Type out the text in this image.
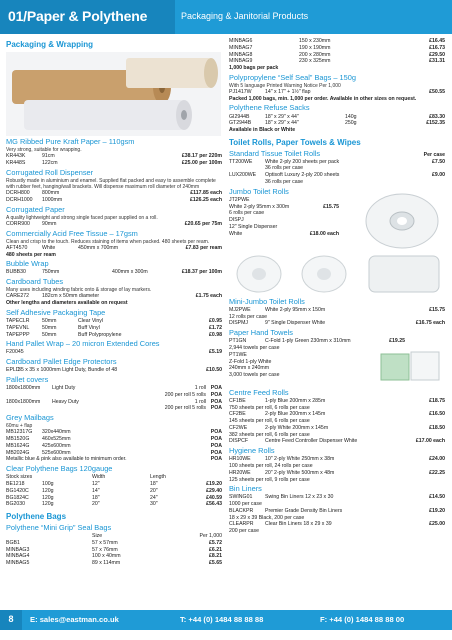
01/Paper & Polythene	Packaging & Janitorial Products
Packaging & Wrapping
MG Ribbed Pure Kraft Paper – 110gsm
Very strong, suitable for wrapping.
KR443K	91cm	£38.17 per 220m
KR448S	122cm	£25.00 per 100m
Corrugated Roll Dispenser
Robustly made in aluminium and enamel. Supplied flat packed and easy to assemble complete with rubber feet, hanging/wall brackets. Will dispense maximum roll diameter of 240mm
DCRH800	800mm	£117.85 each
DCRH1000	1000mm	£126.25 each
Corrugated Paper
A quality lightweight and strong single faced paper supplied on a roll.
CORR900	90mm	£20.65 per 75m
Commercially Acid Free Tissue – 17gsm
Clean and crisp to the touch. Reduces staining of items when packed. 480 sheets per ream.
AFT4570	White	450mm x 700mm	£7.83 per ream
480 sheets per ream
Bubble Wrap
BUBB30	750mm	400mm x 300m	£18.37 per 100m
Cardboard Tubes
Many uses including winding fabric onto & storage of lay markers.
CARE272	182cm x 50mm diameter	£1.75 each
Other lengths and diameters available on request
Self Adhesive Packaging Tape
TAPECLR	50mm	Clear Vinyl	£0.95
TAPEVNL	50mm	Buff Vinyl	£1.72
TAPEPPP	50mm	Buff Polypropylene	£0.98
Hand Pallet Wrap – 20 micron Extended Cores
F20045	£5.19
Cardboard Pallet Edge Protectors
EPLD
35 x 35 x 1000mm Light Duty, Bundle of 48	£10.50
Pallet covers
1800x1800mm	Light Duty	1 roll POA
200 per roll 5 rolls POA
1800x1800mm	Heavy Duty	1 roll POA
200 per roll 5 rolls POA
Grey Mailbags
60mu + flap
MB12317G	320x440mm	POA
MB1520G	460x525mm	POA
MB1624G	425x600mm	POA
MB2024G	525x600mm	POA
Metallic blue & pink also available to minimum order.	POA
Clear Polythene Bags 120gauge
Stock sizes	Width	Length
BE1218	100g	12"	18"	£19.20
BG1420C	120g	14"	20"	£29.40
BG1824C	120g	18"	24"	£40.59
BG2030	120g	20"	30"	£56.43
Polythene Bags
Polythene “Mini Grip” Seal Bags
Size	Per 1,000
BGB1	57 x 57mm	£5.72
MINBAG3	57 x 76mm	£6.21
MINBAG4	100 x 40mm	£8.21
MINBAG5	89 x 114mm	£5.65
MINBAG6	150 x 230mm	£16.45
MINBAG7	190 x 190mm	£16.73
MINBAG8	200 x 280mm	£29.50
MINBAG9	230 x 325mm	£31.31
1,000 bags per pack
Polypropylene “Self Seal” Bags – 150g
With 5 language Printed Warning Notice Per 1,000
PJ1417W	14" x 17" + 1½" flap	£50.55
Packed 1,000 bags, min. 1,000 per order. Available in other sizes on request.
Polythene Refuse Sacks
GI2944B	18" x 29" x 44"	140g	£83.30
GT2944B	18" x 29" x 44"	250g	£152.35
Available in Black or White
Toilet Rolls, Paper Towels & Wipes
Standard Tissue Toilet Rolls	Per case
TT200WE	White 2-ply 200 sheets per pack	£7.50
36 rolls per case
LUX200WE	Optisoft Luxury 2-ply 200 sheets	£9.00
36 rolls per case
Jumbo Toilet Rolls
JT2PWE
White 2-ply 95mm x 300m	£15.75
6 rolls per case
DISPJ
12" Single Dispenser
White	£18.00 each
Mini-Jumbo Toilet Rolls
MJ2PWE	White 2-ply 95mm x 150m	£15.75
12 rolls per case
DISPMJ	9" Single Dispenser White	£16.75 each
Paper Hand Towels
PT1GN	C-Fold 1-ply Green 230mm x 310mm	£19.25
2,944 towels per case
PT1WE
Z-Fold 1-ply White
240mm x 240mm
3,000 towels per case
Centre Feed Rolls
CF1BE	1-ply Blue 200mm x 285m	£18.75
750 sheets per roll, 6 rolls per case
CF2BE	2-ply Blue 200mm x 145m	£16.50
145 sheets per roll, 6 rolls per case
CF2WE	2-ply White 200mm x 145m	£18.50
382 sheets per roll, 6 rolls per case
DISPCF	Centre Feed Controller Dispenser White	£17.00 each
Hygiene Rolls
HR10WE	10" 2-ply White 250mm x 38m	£24.00
100 sheets per roll, 24 rolls per case
HR20WE	20" 2-ply White 500mm x 48m	£22.25
125 sheets per roll, 9 rolls per case
Bin Liners
SWING01	Swing Bin Liners 12 x 23 x 30	£14.50
1000 per case
BLACKPR	Premier Grade Density Bin Liners	£19.20
18 x 29 x 39 Black, 200 per case
CLEARPR	Clear Bin Liners 18 x 29 x 39	£25.00
200 per case
8	E: sales@eastman.co.uk	T: +44 (0) 1484 88 88 88	F: +44 (0) 1484 88 88 00
